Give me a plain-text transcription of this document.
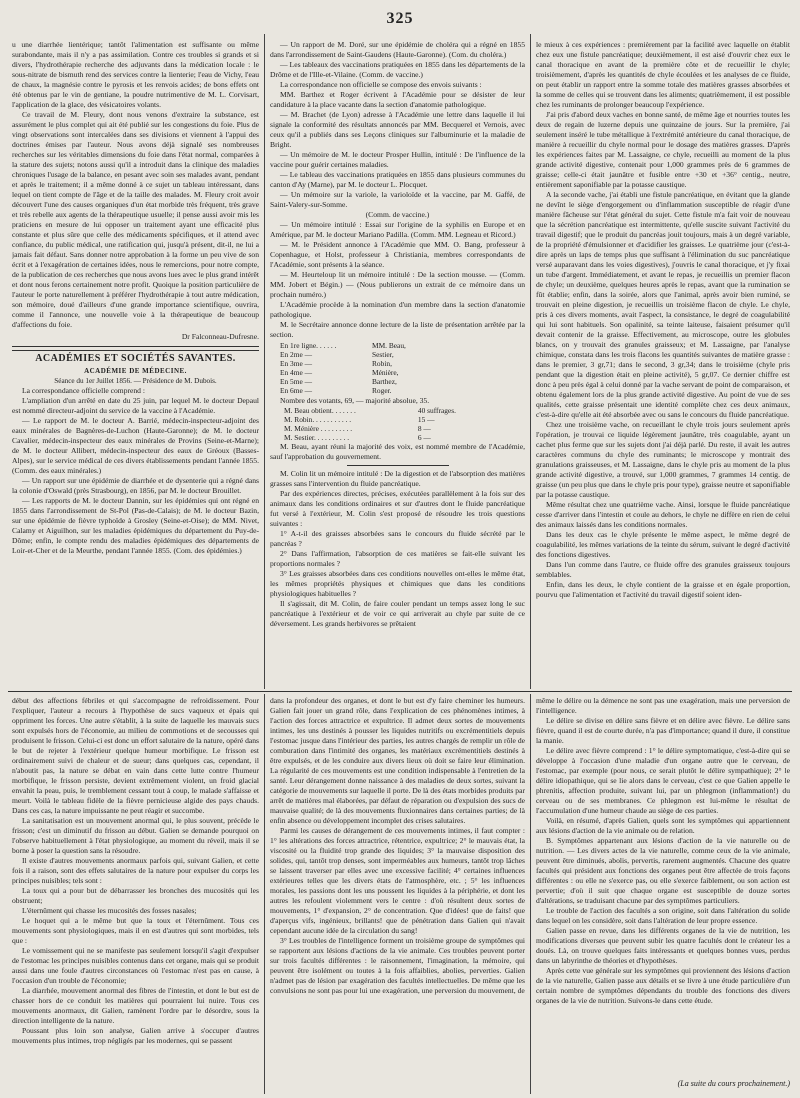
325

u une diarrhée lientérique; tantôt l'alimentation est suffisante ou même surabondante, mais il n'y a pas assimilation. Contre ces troubles si grands et si divers, l'hydrothérapie recherche des adjuvants dans la médication locale : le sous-nitrate de bismuth rend des services contre la lienterie; l'eau de Vichy, l'eau de chaux, la magnésie contre le pyrosis et les renvois acides; de bons effets ont été obtenus par le vin de gentiane, la poudre nutrimentive de M. L. Corvisart, l'application de la glace, des vésicatoires volants.

Ce travail de M. Fleury, dont nous venons d'extraire la substance, est assurément le plus complet qui ait été publié sur les congestions du foie. Plus de vingt observations sont intercalées dans ses divisions et viennent à l'appui des doctrines émises par l'auteur. Nous avons déjà signalé ses nombreuses recherches sur les véritables dimensions du foie dans l'état normal, comparées à la stature des sujets; notons aussi qu'il a introduit dans la clinique des maladies chroniques l'usage de la balance, en pesant avec soin ses malades avant, pendant et après le traitement; il a même donné à ce sujet un tableau intéressant, dans lequel on tient compte de l'âge et de la taille des malades. M. Fleury croit avoir découvert l'une des causes organiques d'un état morbide très fréquent, très grave et très rebelle aux agents de la thérapeutique usuelle; il pense aussi avoir mis les praticiens en mesure de lui opposer un traitement ayant une efficacité plus constante et plus sûre que celle des médicaments spécifiques, et il attend avec confiance, du public médical, une ratification qui, jusqu'à présent, dit-il, ne lui a jamais fait défaut. Sans donner notre approbation à la forme un peu vive de son écrit et à l'exagération de certaines idées, nous le remercions, pour notre compte, de la publication de ces recherches que nous avons lues avec le plus grand intérêt et dont nous ferons certainement notre profit. Quoique la position particulière de l'auteur le porte naturellement à préférer l'hydrothérapie à tout autre médication, son mémoire, doué d'ailleurs d'une grande importance scientifique, ouvrira, comme il l'annonce, une nouvelle voie à la thérapeutique de beaucoup d'affections du foie.

Dr Falconneau-Dufresne.

ACADÉMIES ET SOCIÉTÉS SAVANTES.

ACADÉMIE DE MÉDECINE.

Séance du 1er Juillet 1856. — Présidence de M. Dubois.

La correspondance officielle comprend :

L'ampliation d'un arrêté en date du 25 juin, par lequel M. le docteur Depaul est nommé directeur-adjoint du service de la vaccine à l'Académie.

— Le rapport de M. le docteur A. Barrié, médecin-inspecteur-adjoint des eaux minérales de Bagnères-de-Luchon (Haute-Garonne); de M. le docteur Cavalier, médecin-inspecteur des eaux minérales de Provins (Seine-et-Marne); de M. le docteur Allibert, médecin-inspecteur des eaux de Gréoux (Basses-Alpes), sur le service médical de ces divers établissements pendant l'année 1855. (Comm. des eaux minérales.)

— Un rapport sur une épidémie de diarrhée et de dysenterie qui a régné dans la colonie d'Oswald (près Strasbourg), en 1856, par M. le docteur Brouillet.

— Les rapports de M. le docteur Dannin, sur les épidémies qui ont régné en 1855 dans l'arrondissement de St-Pol (Pas-de-Calais); de M. le docteur Bazin, sur une épidémie de fièvre typhoïde à Grosley (Seine-et-Oise); de MM. Nivet, Calamy et Aiguilhon, sur les maladies épidémiques du département du Puy-de-Dôme; enfin, le compte rendu des maladies épidémiques des départements de Loir-et-Cher et de la Meurthe, pendant l'année 1855. (Com. des épidémies.)

— Un rapport de M. Doré, sur une épidémie de choléra qui a régné en 1855 dans l'arrondissement de Saint-Gaudens (Haute-Garonne). (Com. du choléra.)

— Les tableaux des vaccinations pratiquées en 1855 dans les départements de la Drôme et de l'Ille-et-Vilaine. (Comm. de vaccine.)

La correspondance non officielle se compose des envois suivants :

MM. Barthez et Roger écrivent à l'Académie pour se désister de leur candidature à la place vacante dans la section d'anatomie pathologique.

— M. Brachet (de Lyon) adresse à l'Académie une lettre dans laquelle il lui signale la conformité des résultats annoncés par MM. Becquerel et Vernois, avec ceux qu'il a publiés dans ses Leçons cliniques sur l'albuminurie et la maladie de Bright.

— Un mémoire de M. le docteur Prosper Hullin, intitulé : De l'influence de la vaccine pour guérir certaines maladies.

— Le tableau des vaccinations pratiquées en 1855 dans plusieurs communes du canton d'Ay (Marne), par M. le docteur L. Plocquet.

— Un mémoire sur la variole, la varioloïde et la vaccine, par M. Gaffé, de Saint-Valery-sur-Somme.

(Comm. de vaccine.)

— Un mémoire intitulé : Essai sur l'origine de la syphilis en Europe et en Amérique, par M. le docteur Mariano Padilla. (Comm. MM. Legneau et Ricord.)

— M. le Président annonce à l'Académie que MM. O. Bang, professeur à Copenhague, et Holst, professeur à Christiania, membres correspondants de l'Académie, sont présents à la séance.

— M. Heurteloup lit un mémoire intitulé : De la section mousse. — (Comm. MM. Jobert et Bégin.) — (Nous publierons un extrait de ce mémoire dans un prochain numéro.)

L'Académie procède à la nomination d'un membre dans la section d'anatomie pathologique.

M. le Secrétaire annonce donne lecture de la liste de présentation arrêtée par la section.

En 1re ligne. . . . . .	MM. Beau,	
En 2me —	Sestier,	
En 3me —	Robin,	
En 4me —	Ménière,	
En 5me —	Barthez,	
En 6me —	Roger.	

Nombre des votants, 69, — majorité absolue, 35.

M. Beau obtient. . . . . . .	40 suffrages.
M. Robin. . . . . . . . . . .	15 —
M. Ménière . . . . . . . . .	8 —
M. Sestier. . . . . . . . . .	6 —

M. Beau, ayant réuni la majorité des voix, est nommé membre de l'Académie, sauf l'approbation du gouvernement.

M. Colin lit un mémoire intitulé : De la digestion et de l'absorption des matières grasses sans l'intervention du fluide pancréatique.

Par des expériences directes, précises, exécutées parallèlement à la fois sur des animaux dans les conditions ordinaires et sur d'autres dont le fluide pancréatique fut versé à l'extérieur, M. Colin s'est proposé de résoudre les trois questions suivantes :

1° A-t-il des graisses absorbées sans le concours du fluide sécrété par le pancréas ?

2° Dans l'affirmation, l'absorption de ces matières se fait-elle suivant les proportions normales ?

3° Les graisses absorbées dans ces conditions nouvelles ont-elles le même état, les mêmes propriétés physiques et chimiques que dans les conditions physiologiques habituelles ?

Il s'agissait, dit M. Colin, de faire couler pendant un temps assez long le suc pancréatique à l'extérieur et de voir ce qui arriverait au chyle par suite de ce déversement. Les grands herbivores se prêtaient

le mieux à ces expériences : premièrement par la facilité avec laquelle on établit chez eux une fistule pancréatique; deuxièmement, il est aisé d'ouvrir chez eux le canal thoracique en avant de la première côte et de recueillir le chyle; troisièmement, d'après les quantités de chyle écoulées et les analyses de ce fluide, on peut établir un rapport entre la somme totale des matières grasses absorbées et la somme de celles qui se trouvent dans les aliments; quatrièmement, il est possible chez les ruminants de prolonger beaucoup l'expérience.

J'ai pris d'abord deux vaches en bonne santé, de même âge et nourries toutes les deux de regain de luzerne depuis une quinzaine de jours. Sur la première, j'ai seulement inséré le tube métallique à l'extrémité antérieure du canal thoracique, de manière à recueillir du chyle normal pour le dosage des matières grasses. D'après les expériences faites par M. Lassaigne, ce chyle, recueilli au moment de la plus grande activité digestive, contenait pour 1,000 grammes près de 6 grammes de graisse; celle-ci était jaunâtre et fusible entre +30 et +36° centig., neutre, entièrement saponifiable par la potasse caustique.

A la seconde vache, j'ai établi une fistule pancréatique, en évitant que la glande ne devînt le siège d'engorgement ou d'inflammation susceptible de réagir d'une manière fâcheuse sur l'état général du sujet. Cette fistule m'a fait voir de nouveau que la sécrétion pancréatique est intermittente, qu'elle suscite suivant l'activité du travail digestif; que le produit du pancréas jouit toujours, mais à un degré variable, de la propriété d'émulsionner et d'acidifier les graisses. Le quatrième jour (c'est-à-dire après un laps de temps plus que suffisant à l'élimination du suc pancréatique versé auparavant dans les voies digestives), j'ouvris le canal thoracique, et j'y fixai un tube d'argent. Immédiatement, et avant le repas, je recueillis un premier flacon de chyle; un deuxième, quelques heures après le repas, avant que la rumination se fût établie; enfin, dans la soirée, alors que l'animal, après avoir bien ruminé, se trouvait en pleine digestion, je recueillis un troisième flacon de chyle. Le chyle, pris à ces divers moments, avait l'aspect, la consistance, le degré de coagulabilité qui lui sont habituels. Son opalinité, sa teinte laiteuse, faisaient présumer qu'il devait contenir de la graisse. Effectivement, au microscope, outre les globules blancs, on y trouvait des granules graisseux; et M. Lassaigne, par l'analyse chimique, constata dans les trois flacons les quantités suivantes de matière grasse : dans le premier, 3 gr,71; dans le second, 3 gr,34; dans le troisième (chyle pris pendant que la digestion était en pleine activité), 5 gr,07. Ce dernier chiffre est donc à peu près égal à celui donné par la vache servant de point de comparaison, et obtenu également lors de la plus grande activité digestive. Au point de vue de ses qualités, cette graisse présentait une identité complète chez ces deux animaux, c'est-à-dire qu'elle ait été absorbée avec ou sans le concours du fluide pancréatique.

Chez une troisième vache, on recueillant le chyle trois jours seulement après l'opération, je trouvai ce liquide légèrement jaunâtre, très coagulable, ayant un cachet plus ferme que sur les sujets dont j'ai déjà parlé. Du reste, il avait les autres caractères communs du chyle des ruminants; le microscope y montrait des granulations graisseuses, et M. Lassaigne, dans le chyle pris au moment de la plus grande activité digestive, a trouvé, sur 1,000 grammes, 7 grammes 14 centig. de graisse (un peu plus que dans le chyle pris pour type), graisse neutre et saponifiable par la potasse caustique.

Même résultat chez une quatrième vache. Ainsi, lorsque le fluide pancréatique cesse d'arriver dans l'intestin et coule au dehors, le chyle ne diffère en rien de celui des animaux laissés dans les conditions normales.

Dans les deux cas le chyle présente le même aspect, le même degré de coagulabilité, les mêmes variations de la teinte du sérum, suivant le degré d'activité des fonctions digestives.

Dans l'un comme dans l'autre, ce fluide offre des granules graisseux toujours semblables.

Enfin, dans les deux, le chyle contient de la graisse et en égale proportion, pourvu que l'alimentation et l'activité du travail digestif soient iden-

début des affections fébriles et qui s'accompagne de refroidissement. Pour l'expliquer, l'auteur a recours à l'hypothèse de sucs vaqueux et épais qui oppriment les forces. Une autre s'établit, à la suite de laquelle les mauvais sucs sont expulsés hors de l'économie, au milieu de commotions et de secousses qui produisent le frisson. Celui-ci est donc un effort salutaire de la nature, opéré dans le but de rejeter à l'extérieur quelque humeur morbifique. Le frisson est ordinairement suivi de chaleur et de sueur; dans quelques cas, cependant, il n'aboutit pas, la nature se débat en vain dans cette lutte contre l'humeur morbifique, le frisson persiste, devient extrêmement violent, un froid glacial envahit la peau, puis, le tremblement cessant tout à coup, le malade s'affaisse et meurt. Voilà le tableau fidèle de la fièvre pernicieuse algide des pays chauds. Dans ces cas, la nature impuissante ne peut réagir et succombe.

La sanitatisation est un mouvement anormal qui, le plus souvent, précède le frisson; c'est un diminutif du frisson au début. Galien se demande pourquoi on l'observe habituellement à l'état physiologique, au moment du réveil, mais il se borne à poser la question sans la résoudre.

Il existe d'autres mouvements anormaux parfois qui, suivant Galien, et cette fois il a raison, sont des effets salutaires de la nature pour expulser du corps les principes nuisibles; tels sont :

La toux qui a pour but de débarrasser les bronches des mucosités qui les obstruent;

L'éternûment qui chasse les mucosités des fosses nasales;

Le hoquet qui a le même but que la toux et l'éternûment. Tous ces mouvements sont physiologiques, mais il en est d'autres qui sont morbides, tels que :

Le vomissement qui ne se manifeste pas seulement lorsqu'il s'agit d'expulser de l'estomac les principes nuisibles contenus dans cet organe, mais qui se produit aussi dans une foule d'autres circonstances où l'estomac n'est pas en cause, à l'occasion d'un trouble de l'économie;

La diarrhée, mouvement anormal des fibres de l'intestin, et dont le but est de chasser hors de ce conduit les matières qui pourraient lui nuire. Tous ces mouvements anormaux, dit Galien, ramènent l'ordre par le désordre, sous la direction intelligente de la nature.

Poussant plus loin son analyse, Galien arrive à s'occuper d'autres mouvements plus intimes, trop négligés par les modernes, qui se passent

dans la profondeur des organes, et dont le but est d'y faire cheminer les humeurs. Galien fait jouer un grand rôle, dans l'explication de ces phénomènes intimes, à l'action des forces attractrice et expultrice. Il admet deux sortes de mouvements intimes, les uns destinés à pousser les liquides nutritifs ou excrémentitiels depuis l'estomac jusque dans l'intérieur des parties, les autres chargés de remplir un rôle de comburation dans l'intimité des organes, les matériaux excrémentitiels destinés à être expulsés, et de les conduire aux divers lieux où doit se faire leur élimination. La régularité de ces mouvements est une condition indispensable à l'entretien de la santé. Leur dérangement donne naissance à des maladies de deux sortes, suivant la catégorie de mouvements sur laquelle il porte. De là des états morbides produits par arrêt de matières mal élaborées, par défaut de réparation ou d'expulsion des sucs de mauvaise qualité; de là des mouvements fluxionnaires dans certaines parties; de là enfin absence ou développement incomplet des crises salutaires.

Parmi les causes de dérangement de ces mouvements intimes, il faut compter : 1° les altérations des forces attractrice, rétentrice, expultrice; 2° le mauvais état, la viscosité ou la fluidité trop grande des liquides; 3° la mauvaise disposition des solides, qui, tantôt trop denses, sont imperméables aux humeurs, tantôt trop lâches se laissent traverser par elles avec une excessive facilité; 4° certaines influences extérieures telles que les divers états de l'atmosphère, etc. ; 5° les influences morales, les passions dont les uns poussent les liquides à la périphérie, et dont les autres les refoulent violemment vers le centre : d'où résultent deux sortes de mouvements, 1° d'expansion, 2° de concentration. Que d'idées! que de faits! que d'aperçus vifs, ingénieux, brillants! que de pénétration dans Galien qui n'avait cependant aucune idée de la circulation du sang!

3° Les troubles de l'intelligence forment un troisième groupe de symptômes qui se rapportent aux lésions d'actions de la vie animale. Ces troubles peuvent porter sur trois facultés différentes : le raisonnement, l'imagination, la mémoire, qui peuvent être isolément ou toutes à la fois affaiblies, abolies, perverties. Galien n'admet pas de lésion par exagération des facultés intellectuelles. De même que les convulsions ne sont pas pour lui une exagération, une perversion du mouvement, de

même le délire ou la démence ne sont pas une exagération, mais une perversion de l'intelligence.

Le délire se divise en délire sans fièvre et en délire avec fièvre. Le délire sans fièvre, quand il est de courte durée, n'a pas d'importance; quand il dure, il constitue la manie.

Le délire avec fièvre comprend : 1° le délire symptomatique, c'est-à-dire qui se développe à l'occasion d'une maladie d'un organe autre que le cerveau, de l'estomac, par exemple (pour nous, ce serait plutôt le délire sympathique); 2° le délire idiopathique, qui se lie alors dans le cerveau, c'est ce que Galien appelle le phrenitis, affection produite, suivant lui, par un phlegmon (inflammation!) du cerveau ou de ses membranes. Ce phlegmon est lui-même le résultat de l'accumulation d'une humeur chaude au siège de ces parties.

Voilà, en résumé, d'après Galien, quels sont les symptômes qui appartiennent aux lésions d'action de la vie animale ou de relation.

B. Symptômes appartenant aux lésions d'action de la vie naturelle ou de nutrition. — Les divers actes de la vie naturelle, comme ceux de la vie animale, peuvent être diminués, abolis, pervertis, rarement augmentés. Chacune des quatre facultés qui président aux fonctions des organes peut être affectée de trois façons différentes : ou elle ne s'exerce pas, ou elle s'exerce faiblement, ou son action est pervertie; d'où il suit que chaque organe est susceptible de douze sortes d'altérations, se traduisant chacune par des symptômes particuliers.

Le trouble de l'action des facultés a son origine, soit dans l'altération du solide dans lequel on les considère, soit dans l'altération de leur propre essence.

Galien passe en revue, dans les différents organes de la vie de nutrition, les modifications diverses que peuvent subir les quatre facultés dont le créateur les a doués. Là, on trouve quelques faits intéressants et quelques bonnes vues, perdus dans un labyrinthe de théories et d'hypothèses.

Après cette vue générale sur les symptômes qui proviennent des lésions d'action de la vie naturelle, Galien passe aux détails et se livre à une étude particulière d'un certain nombre de symptômes dépendants du trouble des fonctions des divers organes de la vie de nutrition. Suivons-le dans cette étude.

(La suite du cours prochainement.)
